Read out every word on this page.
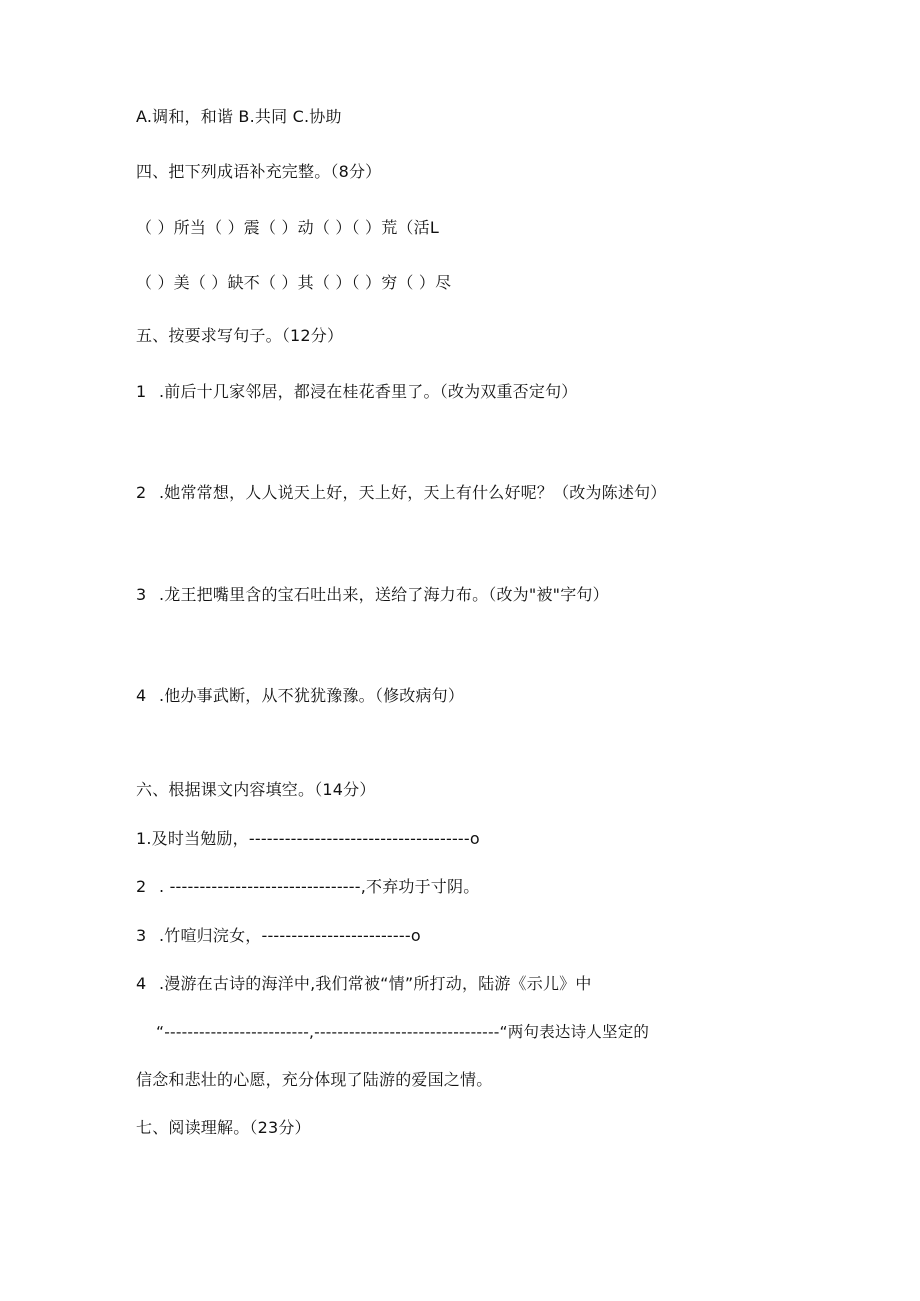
A.调和，和谐 B.共同 C.协助
四、把下列成语补充完整。（8分）
（ ）所当（ ）震（ ）动（ ）（ ）荒（活L
（ ）美（ ）缺不（ ）其（ ）（ ）穷（ ）尽
五、按要求写句子。（12分）
1 .前后十几家邻居，都浸在桂花香里了。（改为双重否定句）
2 .她常常想，人人说天上好，天上好，天上有什么好呢？（改为陈述句）
3 .龙王把嘴里含的宝石吐出来，送给了海力布。（改为"被"字句）
4 .他办事武断，从不犹犹豫豫。（修改病句）
六、根据课文内容填空。（14分）
1.及时当勉励，-------------------------------------o
2 . --------------------------------,不弃功于寸阴。
3 .竹喧归浣女，-------------------------o
4 .漫游在古诗的海洋中,我们常被“情”所打动，陆游《示儿》中
“-------------------------,--------------------------------“两句表达诗人坚定的
信念和悲壮的心愿，充分体现了陆游的爱国之情。
七、阅读理解。（23分）
